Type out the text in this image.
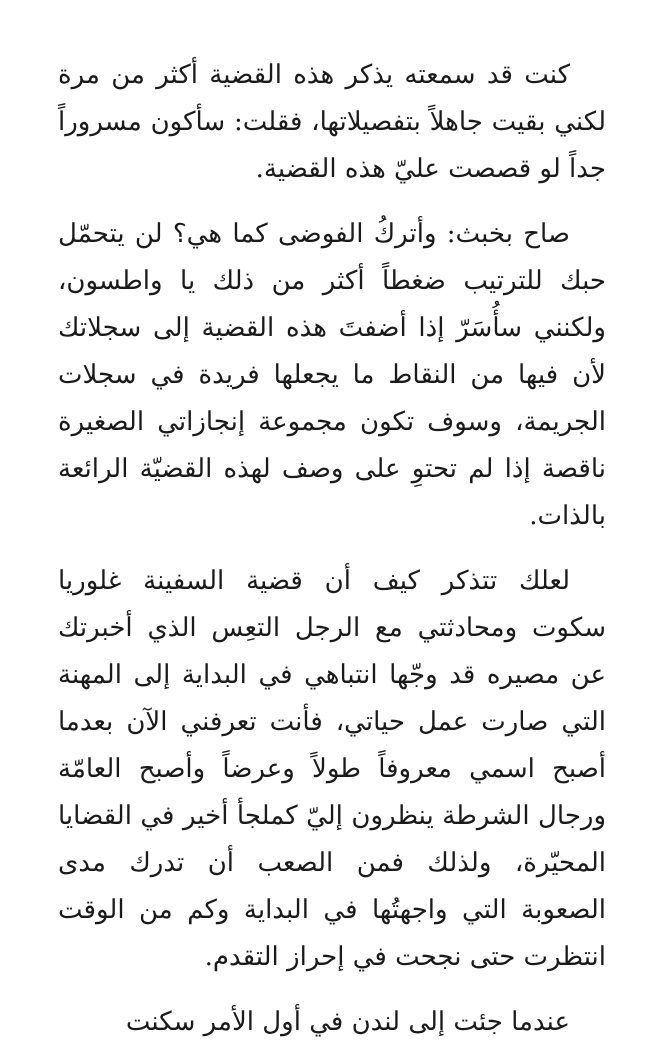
كنت قد سمعته يذكر هذه القضية أكثر من مرة لكني بقيت جاهلاً بتفصيلاتها، فقلت: سأكون مسروراً جداً لو قصصت عليّ هذه القضية.

صاح بخبث: وأتركُ الفوضى كما هي؟ لن يتحمّل حبك للترتيب ضغطاً أكثر من ذلك يا واطسون، ولكنني سأُسَرّ إذا أضفتَ هذه القضية إلى سجلاتك لأن فيها من النقاط ما يجعلها فريدة في سجلات الجريمة، وسوف تكون مجموعة إنجازاتي الصغيرة ناقصة إذا لم تحتوِ على وصف لهذه القضيّة الرائعة بالذات.

لعلك تتذكر كيف أن قضية السفينة غلوريا سكوت ومحادثتي مع الرجل التعِس الذي أخبرتك عن مصيره قد وجّها انتباهي في البداية إلى المهنة التي صارت عمل حياتي، فأنت تعرفني الآن بعدما أصبح اسمي معروفاً طولاً وعرضاً وأصبح العامّة ورجال الشرطة ينظرون إليّ كملجأ أخير في القضايا المحيّرة، ولذلك فمن الصعب أن تدرك مدى الصعوبة التي واجهتُها في البداية وكم من الوقت انتظرت حتى نجحت في إحراز التقدم.

عندما جئت إلى لندن في أول الأمر سكنت
